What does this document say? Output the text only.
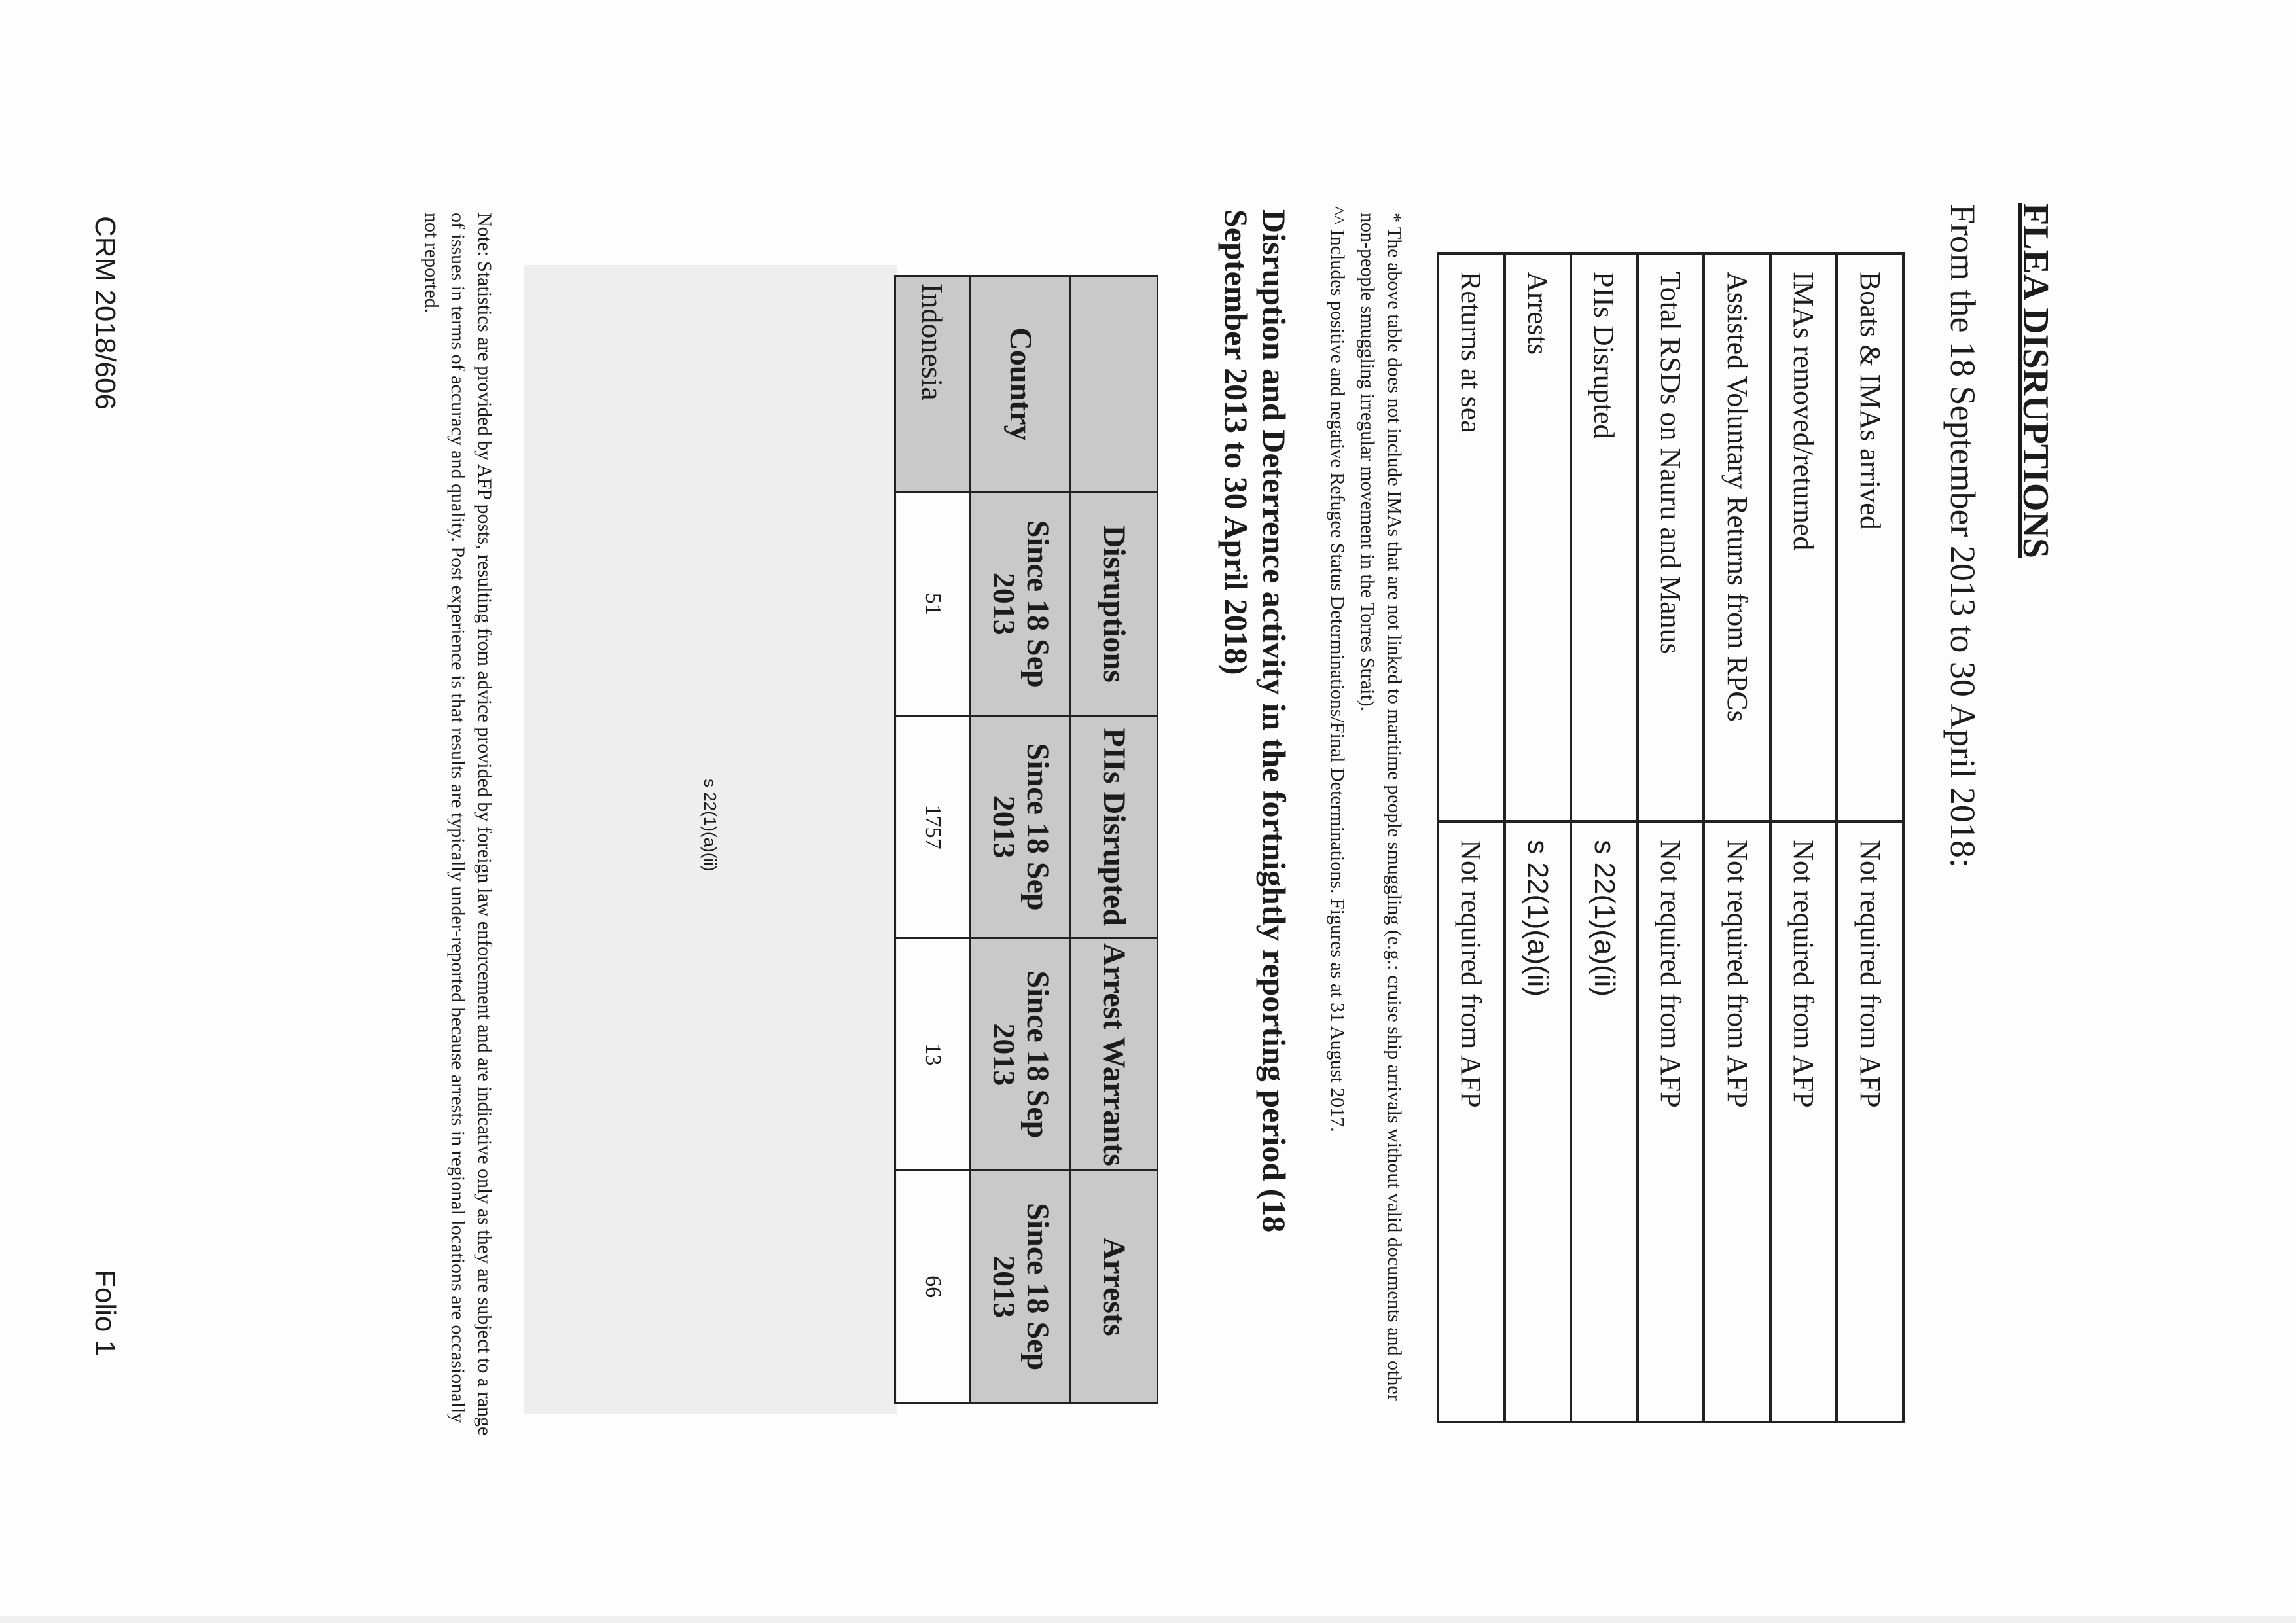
FLEA DISRUPTIONS
From the 18 September 2013 to 30 April 2018:
Boats & IMAs arrived	Not required from AFP
IMAs removed/returned	Not required from AFP
Assisted Voluntary Returns from RPCs	Not required from AFP
Total RSDs on Nauru and Manus	Not required from AFP
PIIs Disrupted	s 22(1)(a)(ii)
Arrests	s 22(1)(a)(ii)
Returns at sea	Not required from AFP
* The above table does not include IMAs that are not linked to maritime people smuggling (e.g.: cruise ship arrivals without valid documents and other non-people smuggling irregular movement in the Torres Strait).
^^ Includes positive and negative Refugee Status Determinations/Final Determinations. Figures as at 31 August 2017.
Disruption and Deterrence activity in the fortnightly reporting period (18 September 2013 to 30 April 2018)
s 22(1)(a)(ii)
	Disruptions	PIIs Disrupted	Arrest Warrants	Arrests
Country	Since 18 Sep 2013	Since 18 Sep 2013	Since 18 Sep 2013	Since 18 Sep 2013
Indonesia	51	1757	13	66
Note: Statistics are provided by AFP posts, resulting from advice provided by foreign law enforcement and are indicative only as they are subject to a range of issues in terms of accuracy and quality. Post experience is that results are typically under-reported because arrests in regional locations are occasionally not reported.
CRM 2018/606
Folio 1
